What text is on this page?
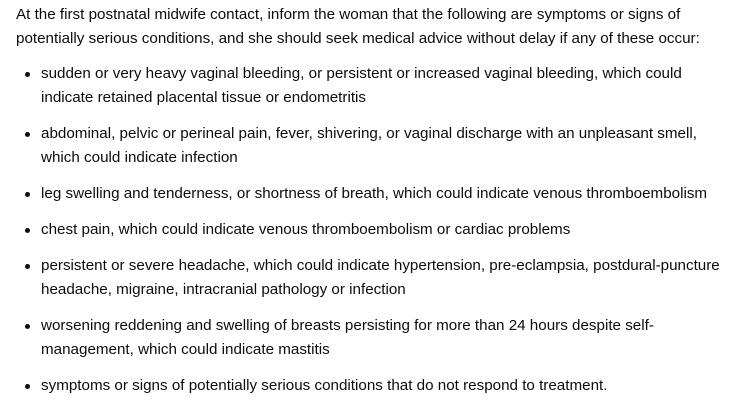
At the first postnatal midwife contact, inform the woman that the following are symptoms or signs of potentially serious conditions, and she should seek medical advice without delay if any of these occur:

sudden or very heavy vaginal bleeding, or persistent or increased vaginal bleeding, which could indicate retained placental tissue or endometritis
abdominal, pelvic or perineal pain, fever, shivering, or vaginal discharge with an unpleasant smell, which could indicate infection
leg swelling and tenderness, or shortness of breath, which could indicate venous thromboembolism
chest pain, which could indicate venous thromboembolism or cardiac problems
persistent or severe headache, which could indicate hypertension, pre-eclampsia, postdural-puncture headache, migraine, intracranial pathology or infection
worsening reddening and swelling of breasts persisting for more than 24 hours despite self-management, which could indicate mastitis
symptoms or signs of potentially serious conditions that do not respond to treatment.
